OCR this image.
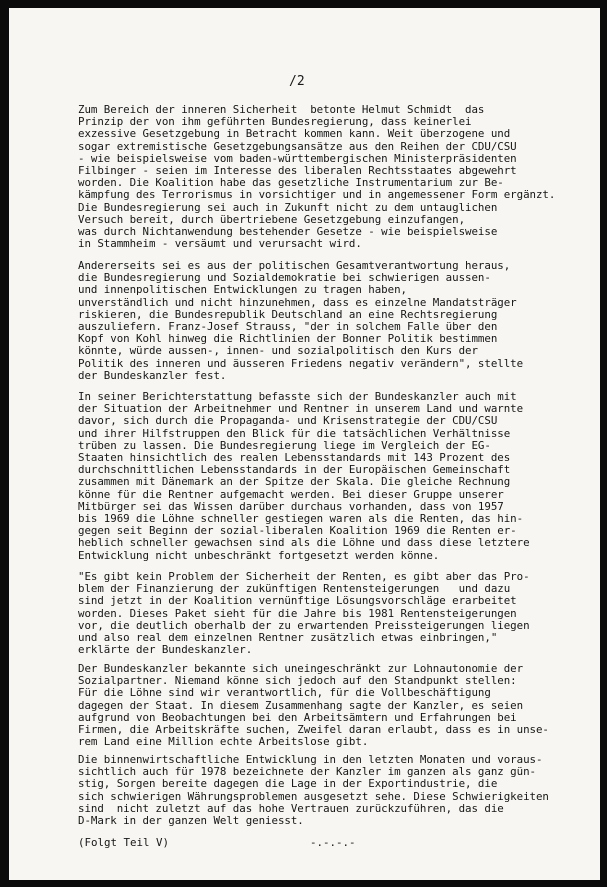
/2

Zum Bereich der inneren Sicherheit  betonte Helmut Schmidt  das
Prinzip der von ihm geführten Bundesregierung, dass keinerlei
exzessive Gesetzgebung in Betracht kommen kann. Weit überzogene und
sogar extremistische Gesetzgebungsansätze aus den Reihen der CDU/CSU
- wie beispielsweise vom baden-württembergischen Ministerpräsidenten
Filbinger - seien im Interesse des liberalen Rechtsstaates abgewehrt
worden. Die Koalition habe das gesetzliche Instrumentarium zur Be-
kämpfung des Terrorismus in vorsichtiger und in angemessener Form ergänzt.
Die Bundesregierung sei auch in Zukunft nicht zu dem untauglichen
Versuch bereit, durch übertriebene Gesetzgebung einzufangen,
was durch Nichtanwendung bestehender Gesetze - wie beispielsweise
in Stammheim - versäumt und verursacht wird.

Andererseits sei es aus der politischen Gesamtverantwortung heraus,
die Bundesregierung und Sozialdemokratie bei schwierigen aussen-
und innenpolitischen Entwicklungen zu tragen haben,
unverständlich und nicht hinzunehmen, dass es einzelne Mandatsträger
riskieren, die Bundesrepublik Deutschland an eine Rechtsregierung
auszuliefern. Franz-Josef Strauss, "der in solchem Falle über den
Kopf von Kohl hinweg die Richtlinien der Bonner Politik bestimmen
könnte, würde aussen-, innen- und sozialpolitisch den Kurs der
Politik des inneren und äusseren Friedens negativ verändern", stellte
der Bundeskanzler fest.

In seiner Berichterstattung befasste sich der Bundeskanzler auch mit
der Situation der Arbeitnehmer und Rentner in unserem Land und warnte
davor, sich durch die Propaganda- und Krisenstrategie der CDU/CSU
und ihrer Hilfstruppen den Blick für die tatsächlichen Verhältnisse
trüben zu lassen. Die Bundesregierung liege im Vergleich der EG-
Staaten hinsichtlich des realen Lebensstandards mit 143 Prozent des
durchschnittlichen Lebensstandards in der Europäischen Gemeinschaft
zusammen mit Dänemark an der Spitze der Skala. Die gleiche Rechnung
könne für die Rentner aufgemacht werden. Bei dieser Gruppe unserer
Mitbürger sei das Wissen darüber durchaus vorhanden, dass von 1957
bis 1969 die Löhne schneller gestiegen waren als die Renten, das hin-
gegen seit Beginn der sozial-liberalen Koalition 1969 die Renten er-
heblich schneller gewachsen sind als die Löhne und dass diese letztere
Entwicklung nicht unbeschränkt fortgesetzt werden könne.

"Es gibt kein Problem der Sicherheit der Renten, es gibt aber das Pro-
blem der Finanzierung der zukünftigen Rentensteigerungen   und dazu
sind jetzt in der Koalition vernünftige Lösungsvorschläge erarbeitet
worden. Dieses Paket sieht für die Jahre bis 1981 Rentensteigerungen
vor, die deutlich oberhalb der zu erwartenden Preissteigerungen liegen
und also real dem einzelnen Rentner zusätzlich etwas einbringen,"
erklärte der Bundeskanzler.

Der Bundeskanzler bekannte sich uneingeschränkt zur Lohnautonomie der
Sozialpartner. Niemand könne sich jedoch auf den Standpunkt stellen:
Für die Löhne sind wir verantwortlich, für die Vollbeschäftigung
dagegen der Staat. In diesem Zusammenhang sagte der Kanzler, es seien
aufgrund von Beobachtungen bei den Arbeitsämtern und Erfahrungen bei
Firmen, die Arbeitskräfte suchen, Zweifel daran erlaubt, dass es in unse-
rem Land eine Million echte Arbeitslose gibt.

Die binnenwirtschaftliche Entwicklung in den letzten Monaten und voraus-
sichtlich auch für 1978 bezeichnete der Kanzler im ganzen als ganz gün-
stig, Sorgen bereite dagegen die Lage in der Exportindustrie, die
sich schwierigen Währungsproblemen ausgesetzt sehe. Diese Schwierigkeiten
sind  nicht zuletzt auf das hohe Vertrauen zurückzuführen, das die
D-Mark in der ganzen Welt geniesst.

(Folgt Teil V)	-.-.-.-
